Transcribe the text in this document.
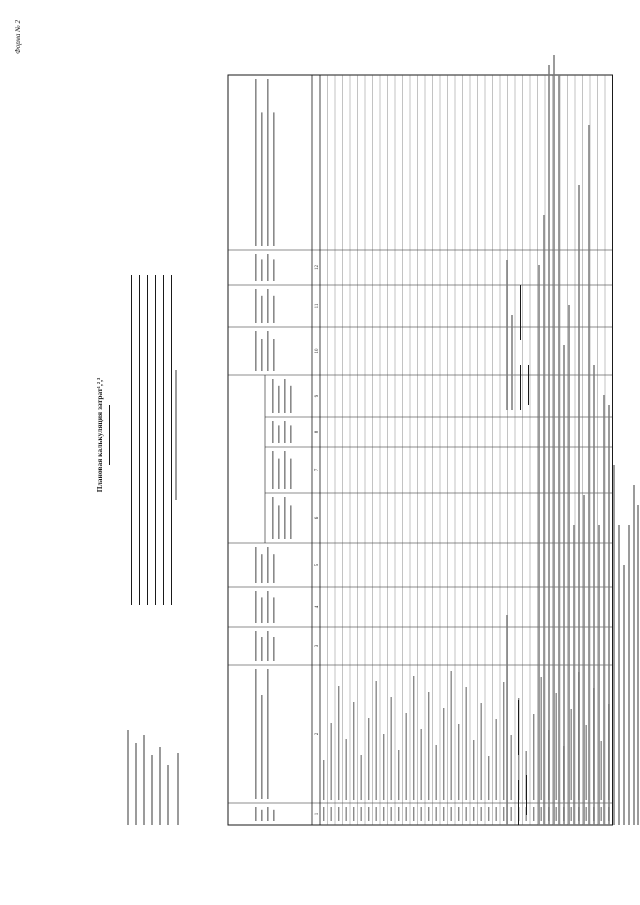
Форма № 2
Плановая калькуляция затрат¹,²,³
1
2
3
4
5
6
7
8
9
10
11
12
